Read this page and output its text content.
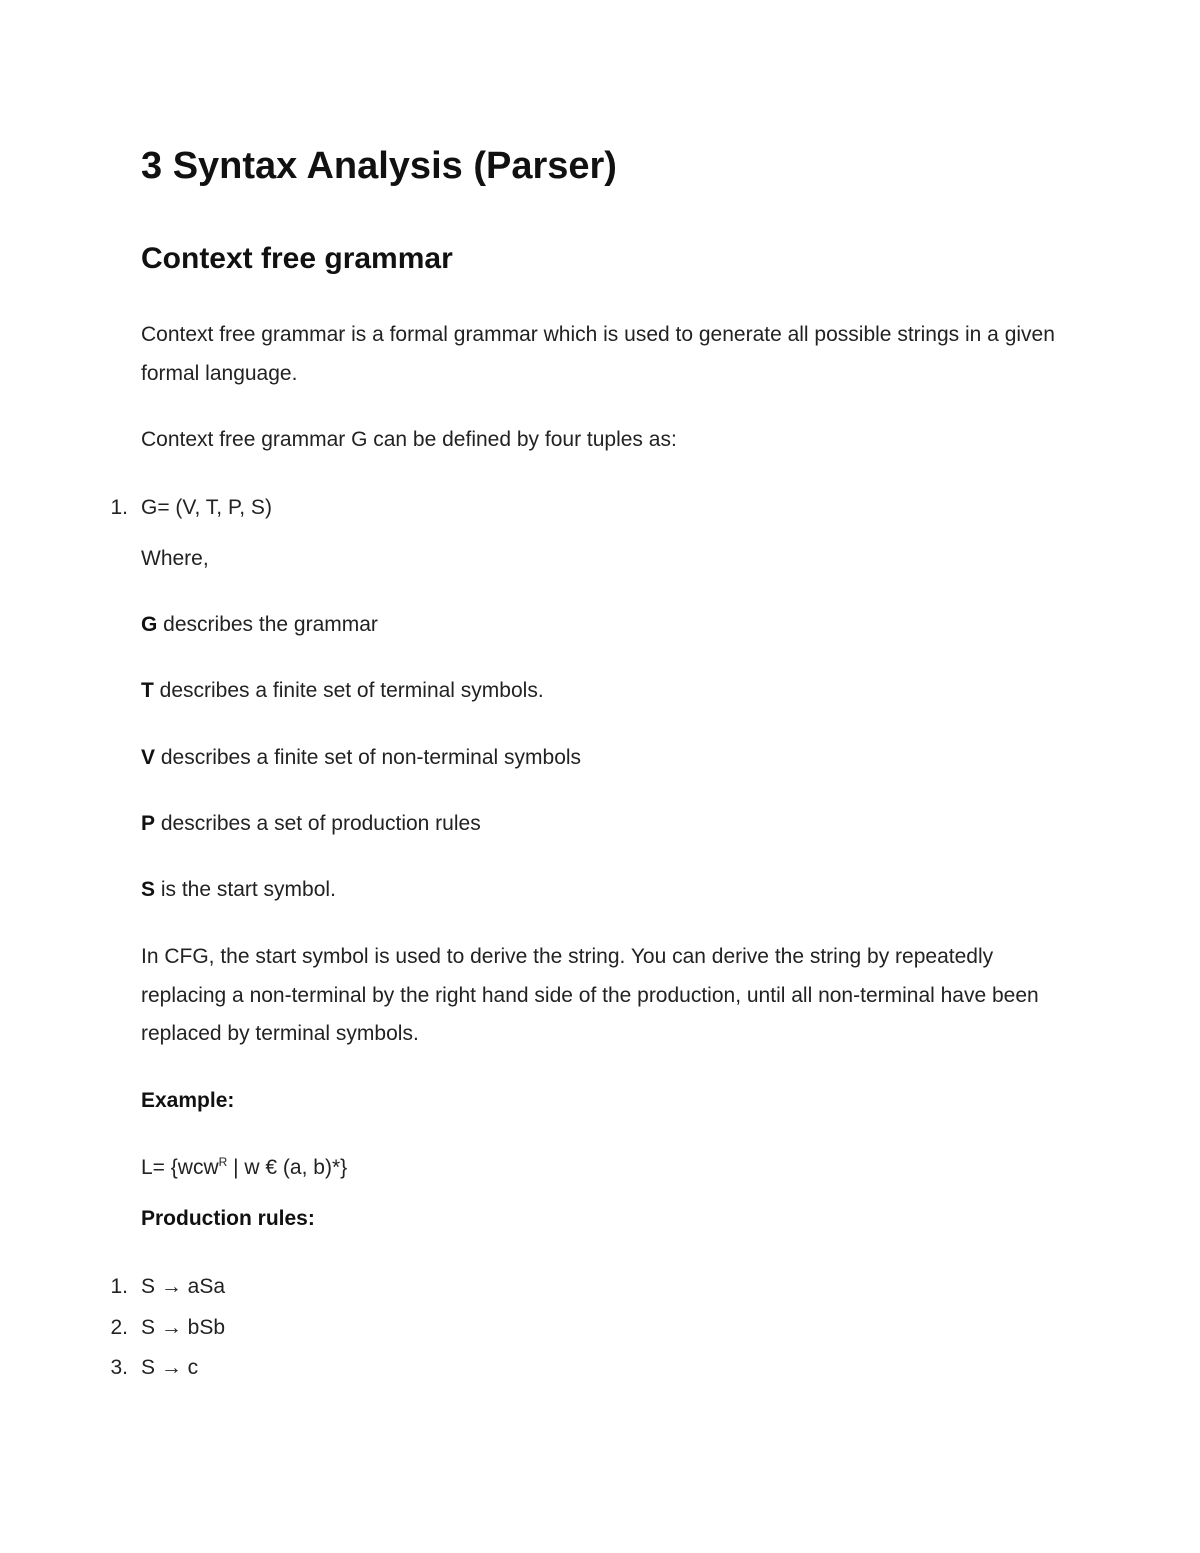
3 Syntax Analysis (Parser)
Context free grammar

Context free grammar is a formal grammar which is used to generate all possible strings in a given formal language.

Context free grammar G can be defined by four tuples as:

1. G= (V, T, P, S)

Where,

G describes the grammar

T describes a finite set of terminal symbols.

V describes a finite set of non-terminal symbols

P describes a set of production rules

S is the start symbol.

In CFG, the start symbol is used to derive the string. You can derive the string by repeatedly replacing a non-terminal by the right hand side of the production, until all non-terminal have been replaced by terminal symbols.

Example:

L= {wcw$^R$ | w € (a, b)*}

Production rules:

1. S → aSa

2. S → bSb

3. S → c
